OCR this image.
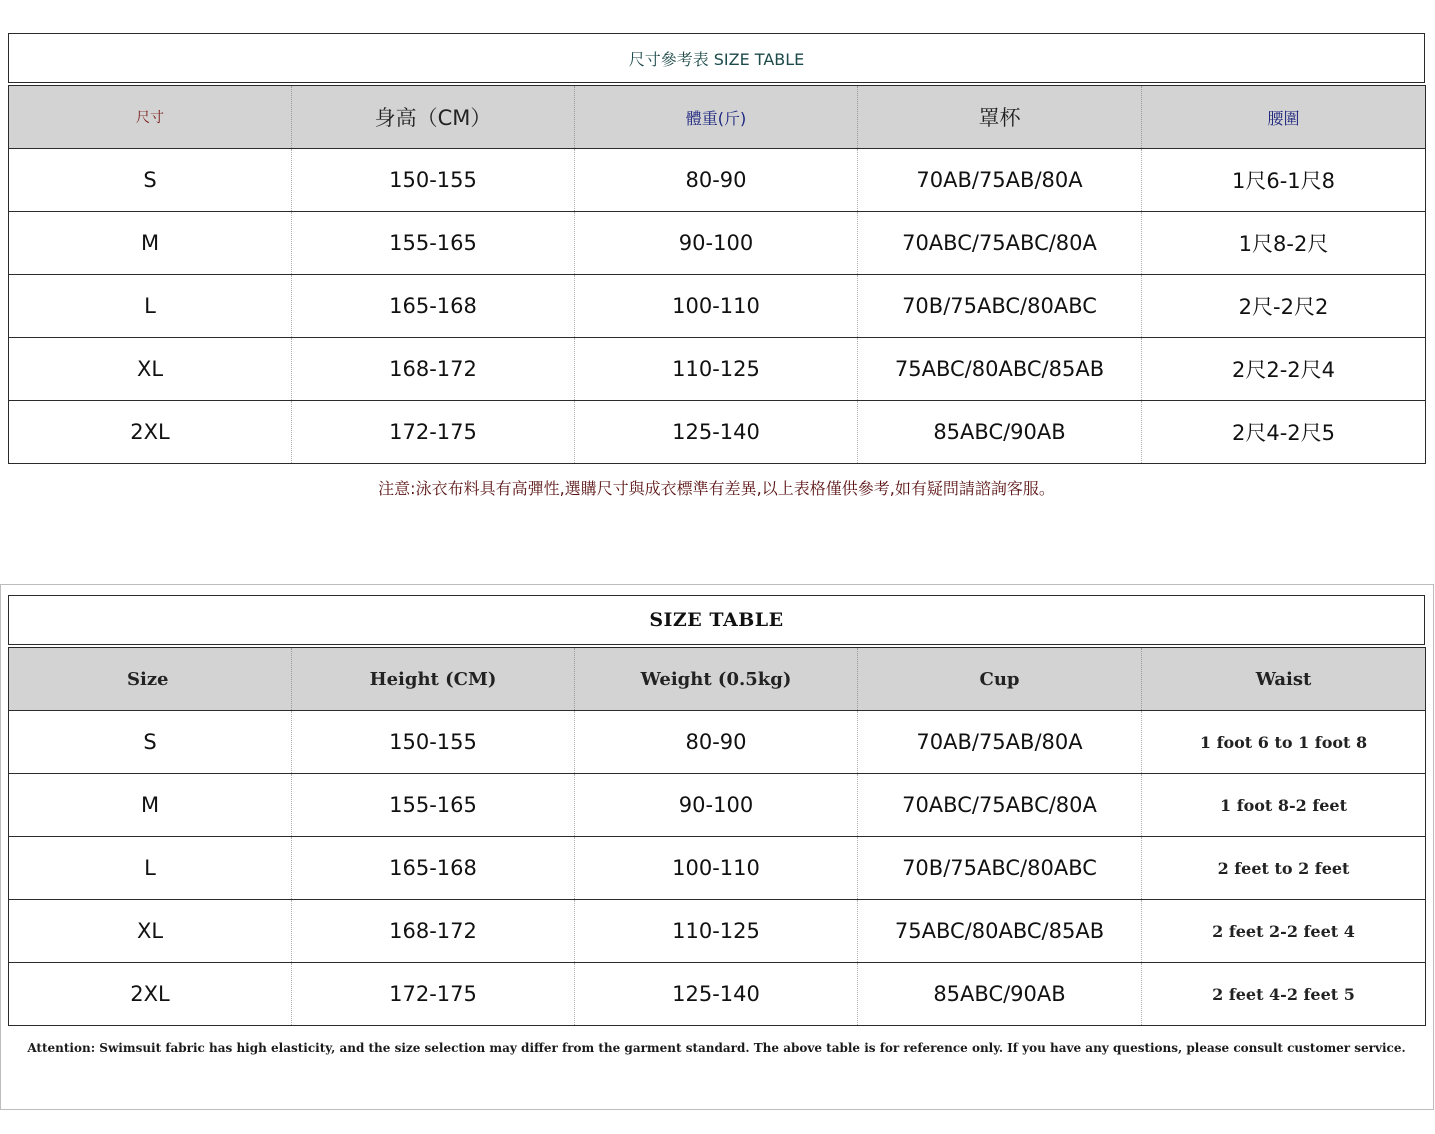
尺寸參考表 SIZE TABLE
尺寸	身高（CM）	體重(斤)	罩杯	腰圍
S	150-155	80-90	70AB/75AB/80A	1尺6-1尺8
M	155-165	90-100	70ABC/75ABC/80A	1尺8-2尺
L	165-168	100-110	70B/75ABC/80ABC	2尺-2尺2
XL	168-172	110-125	75ABC/80ABC/85AB	2尺2-2尺4
2XL	172-175	125-140	85ABC/90AB	2尺4-2尺5
注意:泳衣布料具有高彈性,選購尺寸與成衣標準有差異,以上表格僅供參考,如有疑問請諮詢客服。
SIZE TABLE
Size	Height (CM)	Weight (0.5kg)	Cup	Waist
S	150-155	80-90	70AB/75AB/80A	1 foot 6 to 1 foot 8
M	155-165	90-100	70ABC/75ABC/80A	1 foot 8-2 feet
L	165-168	100-110	70B/75ABC/80ABC	2 feet to 2 feet
XL	168-172	110-125	75ABC/80ABC/85AB	2 feet 2-2 feet 4
2XL	172-175	125-140	85ABC/90AB	2 feet 4-2 feet 5
Attention: Swimsuit fabric has high elasticity, and the size selection may differ from the garment standard. The above table is for reference only. If you have any questions, please consult customer service.
